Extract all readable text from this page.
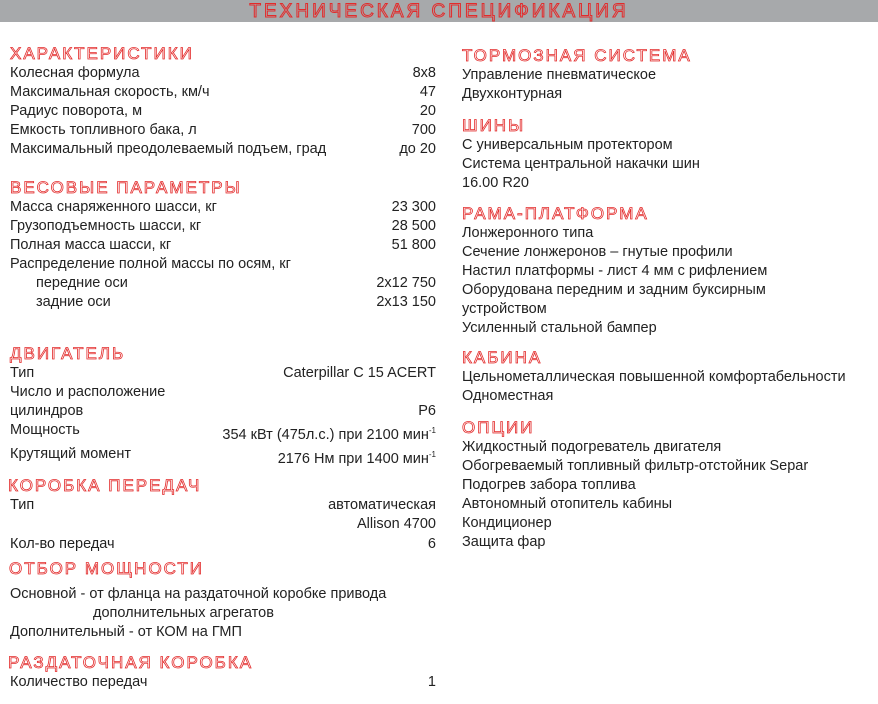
ТЕХНИЧЕСКАЯ СПЕЦИФИКАЦИЯ
ХАРАКТЕРИСТИКИ
Колесная формула	8х8
Максимальная скорость, км/ч	47
Радиус поворота, м	20
Емкость топливного бака, л	700
Максимальный преодолеваемый подъем, град	до 20
ВЕСОВЫЕ ПАРАМЕТРЫ
Масса снаряженного шасси, кг	23 300
Грузоподъемность шасси, кг	28 500
Полная масса шасси, кг	51 800
Распределение полной массы по осям, кг
передние оси	2х12 750
задние оси	2х13 150
ДВИГАТЕЛЬ
Тип	Caterpillar C 15 ACERT
Число и расположение
цилиндров	Р6
Мощность	354 кВт (475л.с.) при 2100 мин$^{-1}$
Крутящий момент	2176 Нм при 1400 мин$^{-1}$
КОРОБКА ПЕРЕДАЧ
Тип	автоматическая
Allison 4700
Кол-во передач	6
ОТБОР МОЩНОСТИ
Основной - от фланца на раздаточной коробке привода
дополнительных агрегатов
Дополнительный - от КОМ на ГМП
РАЗДАТОЧНАЯ КОРОБКА
Количество передач	1
ТОРМОЗНАЯ СИСТЕМА
Управление пневматическое
Двухконтурная
ШИНЫ
С универсальным протектором
Система центральной накачки шин
16.00 R20
РАМА-ПЛАТФОРМА
Лонжеронного типа
Сечение лонжеронов – гнутые профили
Настил платформы - лист 4 мм с рифлением
Оборудована передним и задним буксирным
устройством
Усиленный стальной бампер
КАБИНА
Цельнометаллическая повышенной комфортабельности
Одноместная
ОПЦИИ
Жидкостный подогреватель двигателя
Обогреваемый топливный фильтр-отстойник Separ
Подогрев забора топлива
Автономный отопитель кабины
Кондиционер
Защита фар
